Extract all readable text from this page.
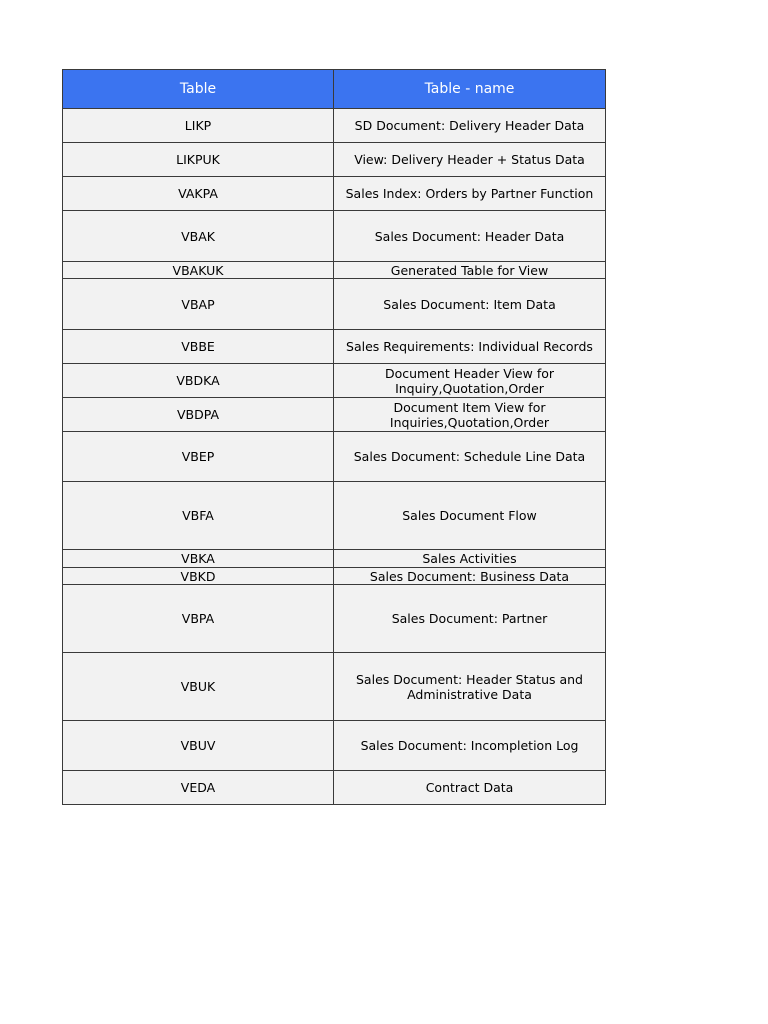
Table	Table - name
LIKP	SD Document: Delivery Header Data
LIKPUK	View: Delivery Header + Status Data
VAKPA	Sales Index: Orders by Partner Function
VBAK	Sales Document: Header Data
VBAKUK	Generated Table for View
VBAP	Sales Document: Item Data
VBBE	Sales Requirements: Individual Records
VBDKA	Document Header View for Inquiry,Quotation,Order
VBDPA	Document Item View for Inquiries,Quotation,Order
VBEP	Sales Document: Schedule Line Data
VBFA	Sales Document Flow
VBKA	Sales Activities
VBKD	Sales Document: Business Data
VBPA	Sales Document: Partner
VBUK	Sales Document: Header Status and Administrative Data
VBUV	Sales Document: Incompletion Log
VEDA	Contract Data
